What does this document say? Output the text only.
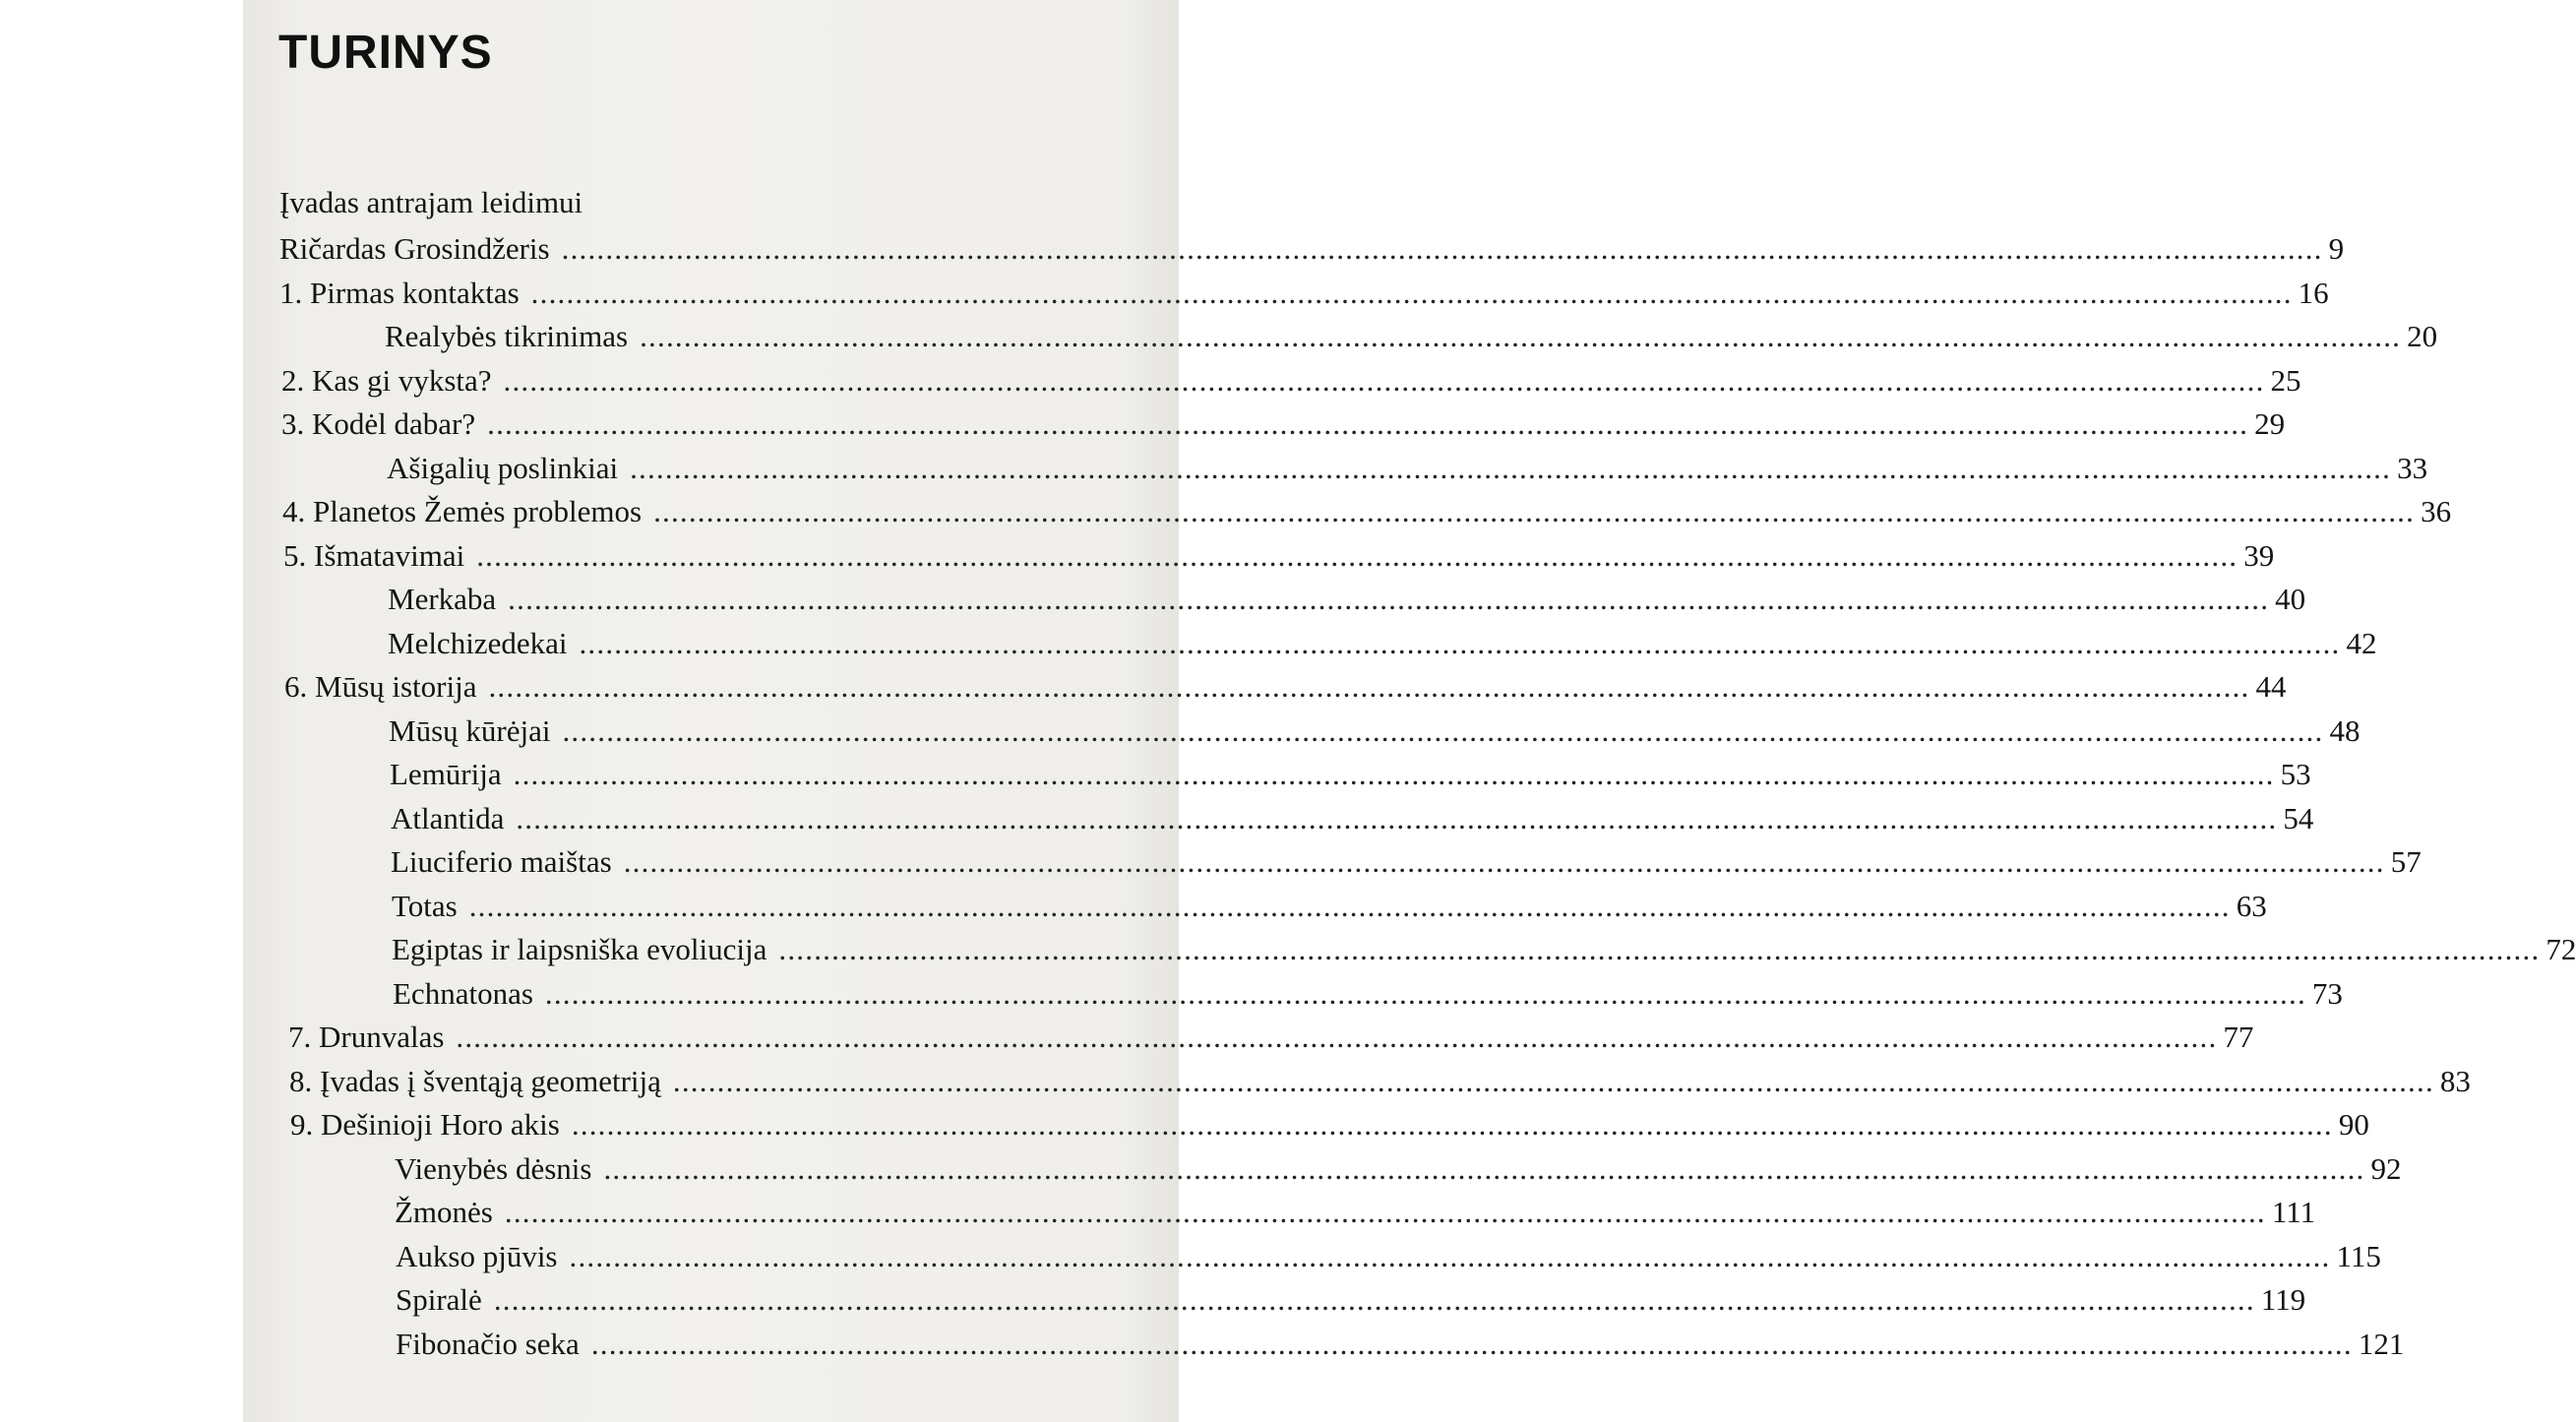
TURINYS
Įvadas antrajam leidimui
Ričardas Grosindžeris ........................................................................................................................................................................................................ 9
1. Pirmas kontaktas ........................................................................................................................................................................................................ 16
Realybės tikrinimas ........................................................................................................................................................................................................ 20
2. Kas gi vyksta? ........................................................................................................................................................................................................ 25
3. Kodėl dabar? ........................................................................................................................................................................................................ 29
Ašigalių poslinkiai ........................................................................................................................................................................................................ 33
4. Planetos Žemės problemos ........................................................................................................................................................................................................ 36
5. Išmatavimai ........................................................................................................................................................................................................ 39
Merkaba ........................................................................................................................................................................................................ 40
Melchizedekai ........................................................................................................................................................................................................ 42
6. Mūsų istorija ........................................................................................................................................................................................................ 44
Mūsų kūrėjai ........................................................................................................................................................................................................ 48
Lemūrija ........................................................................................................................................................................................................ 53
Atlantida ........................................................................................................................................................................................................ 54
Liuciferio maištas ........................................................................................................................................................................................................ 57
Totas ........................................................................................................................................................................................................ 63
Egiptas ir laipsniška evoliucija ........................................................................................................................................................................................................ 72
Echnatonas ........................................................................................................................................................................................................ 73
7. Drunvalas ........................................................................................................................................................................................................ 77
8. Įvadas į šventąją geometriją ........................................................................................................................................................................................................ 83
9. Dešinioji Horo akis ........................................................................................................................................................................................................ 90
Vienybės dėsnis ........................................................................................................................................................................................................ 92
Žmonės ........................................................................................................................................................................................................ 111
Aukso pjūvis ........................................................................................................................................................................................................ 115
Spiralė ........................................................................................................................................................................................................ 119
Fibonačio seka ........................................................................................................................................................................................................ 121
